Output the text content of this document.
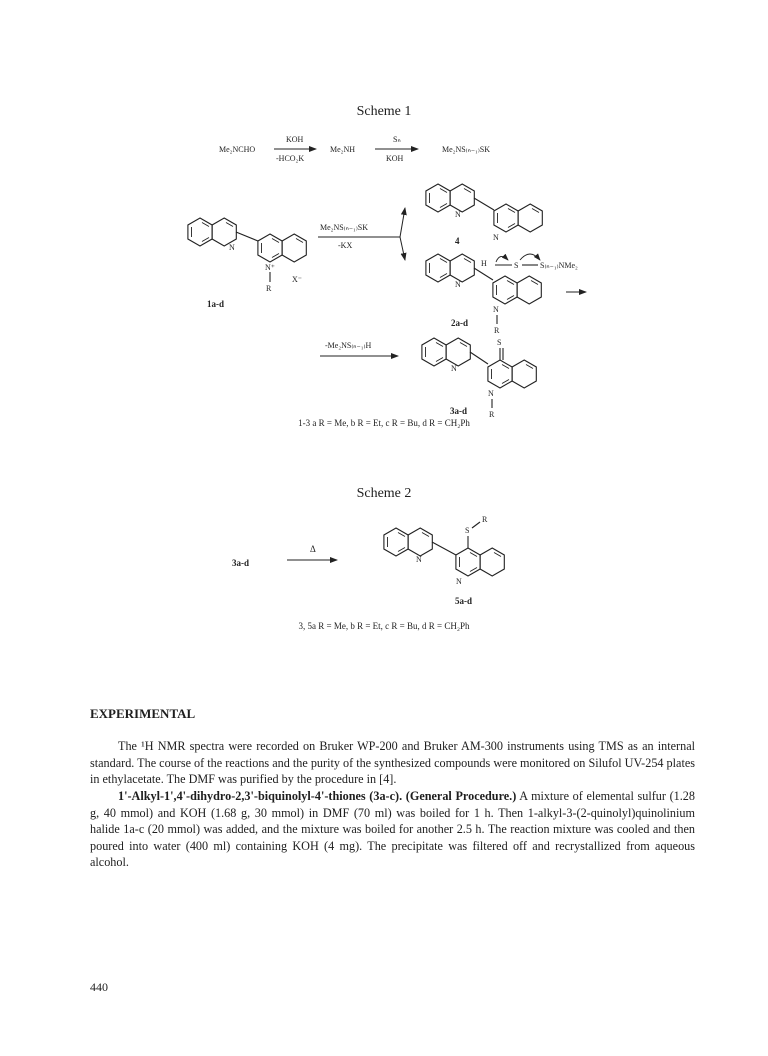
Scheme 1
Me₂NCHO
KOH
-HCO₂K
Me₂NH
Sₙ
KOH
Me₂NS₍ₙ₋₁₎SK
N
N⁺
R
X⁻
1a-d
Me₂NS₍ₙ₋₁₎SK
-KX
N
N
4
N
N
R
H	S	S₍ₙ₋₁₎NMe₂
2a-d
-Me₂NS₍ₙ₋₁₎H
N
N
S
R
3a-d
1-3 a R = Me, b R = Et, c R = Bu, d R = CH₂Ph
Scheme 2
3a-d
Δ
N
N
S
R
5a-d
3, 5a R = Me, b R = Et, c R = Bu, d R = CH₂Ph
EXPERIMENTAL
The ¹H NMR spectra were recorded on Bruker WP-200 and Bruker AM-300 instruments using TMS as an internal standard. The course of the reactions and the purity of the synthesized compounds were monitored on Silufol UV-254 plates in ethylacetate. The DMF was purified by the procedure in [4].
1'-Alkyl-1',4'-dihydro-2,3'-biquinolyl-4'-thiones (3a-c). (General Procedure.) A mixture of elemental sulfur (1.28 g, 40 mmol) and KOH (1.68 g, 30 mmol) in DMF (70 ml) was boiled for 1 h. Then 1-alkyl-3-(2-quinolyl)quinolinium halide 1a-c (20 mmol) was added, and the mixture was boiled for another 2.5 h. The reaction mixture was cooled and then poured into water (400 ml) containing KOH (4 mg). The precipitate was filtered off and recrystallized from aqueous alcohol.
440
